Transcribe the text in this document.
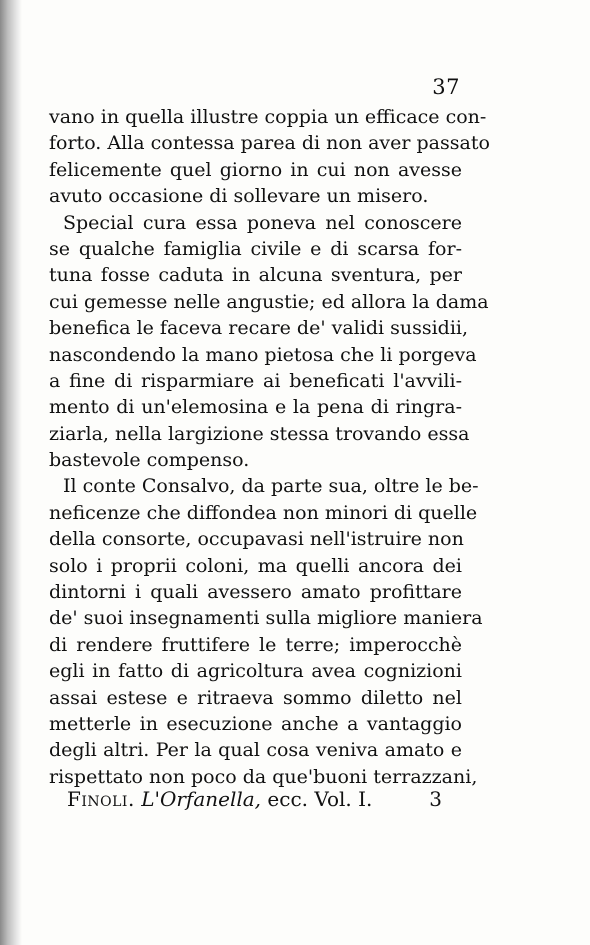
37
vano in quella illustre coppia un efficace con-
forto. Alla contessa parea di non aver passato
felicemente quel giorno in cui non avesse
avuto occasione di sollevare un misero.
Special cura essa poneva nel conoscere
se qualche famiglia civile e di scarsa for-
tuna fosse caduta in alcuna sventura, per
cui gemesse nelle angustie; ed allora la dama
benefica le faceva recare de' validi sussidii,
nascondendo la mano pietosa che li porgeva
a fine di risparmiare ai beneficati l'avvili-
mento di un'elemosina e la pena di ringra-
ziarla, nella largizione stessa trovando essa
bastevole compenso.
Il conte Consalvo, da parte sua, oltre le be-
neficenze che diffondea non minori di quelle
della consorte, occupavasi nell'istruire non
solo i proprii coloni, ma quelli ancora dei
dintorni i quali avessero amato profittare
de' suoi insegnamenti sulla migliore maniera
di rendere fruttifere le terre; imperocchè
egli in fatto di agricoltura avea cognizioni
assai estese e ritraeva sommo diletto nel
metterle in esecuzione anche a vantaggio
degli altri. Per la qual cosa veniva amato e
rispettato non poco da que'buoni terrazzani,
Finoli. L'Orfanella, ecc. Vol. I.	3
